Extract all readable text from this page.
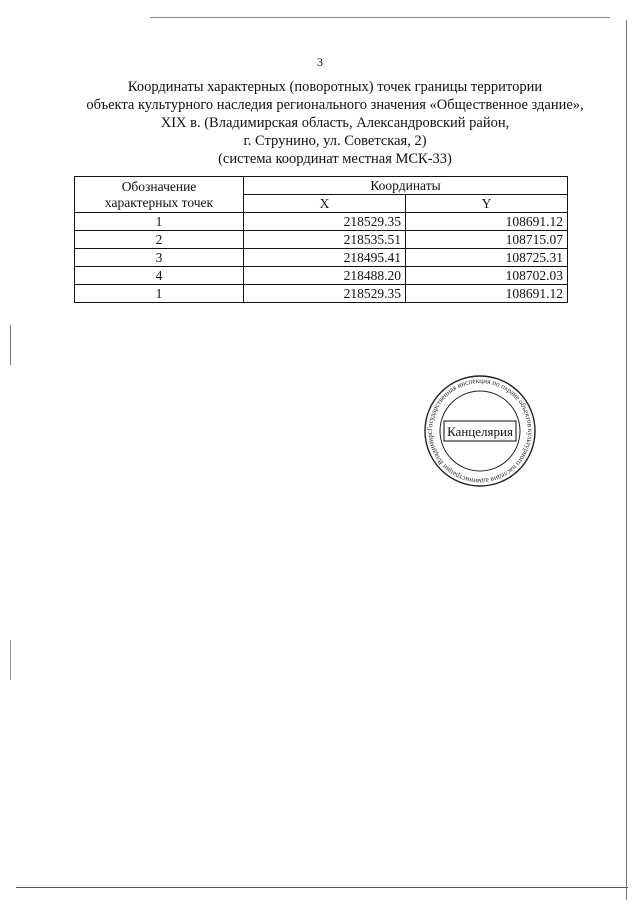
3
Координаты характерных (поворотных) точек границы территории
объекта культурного наследия регионального значения «Общественное здание»,
XIX в. (Владимирская область, Александровский район,
г. Струнино, ул. Советская, 2)
(система координат местная МСК-33)
Обозначение
характерных точек	Координаты	
	X	Y
1	218529.35	108691.12
2	218535.51	108715.07
3	218495.41	108725.31
4	218488.20	108702.03
1	218529.35	108691.12
Государственная инспекция по охране объектов культурного наследия администрации Владимирс Канцелярия
